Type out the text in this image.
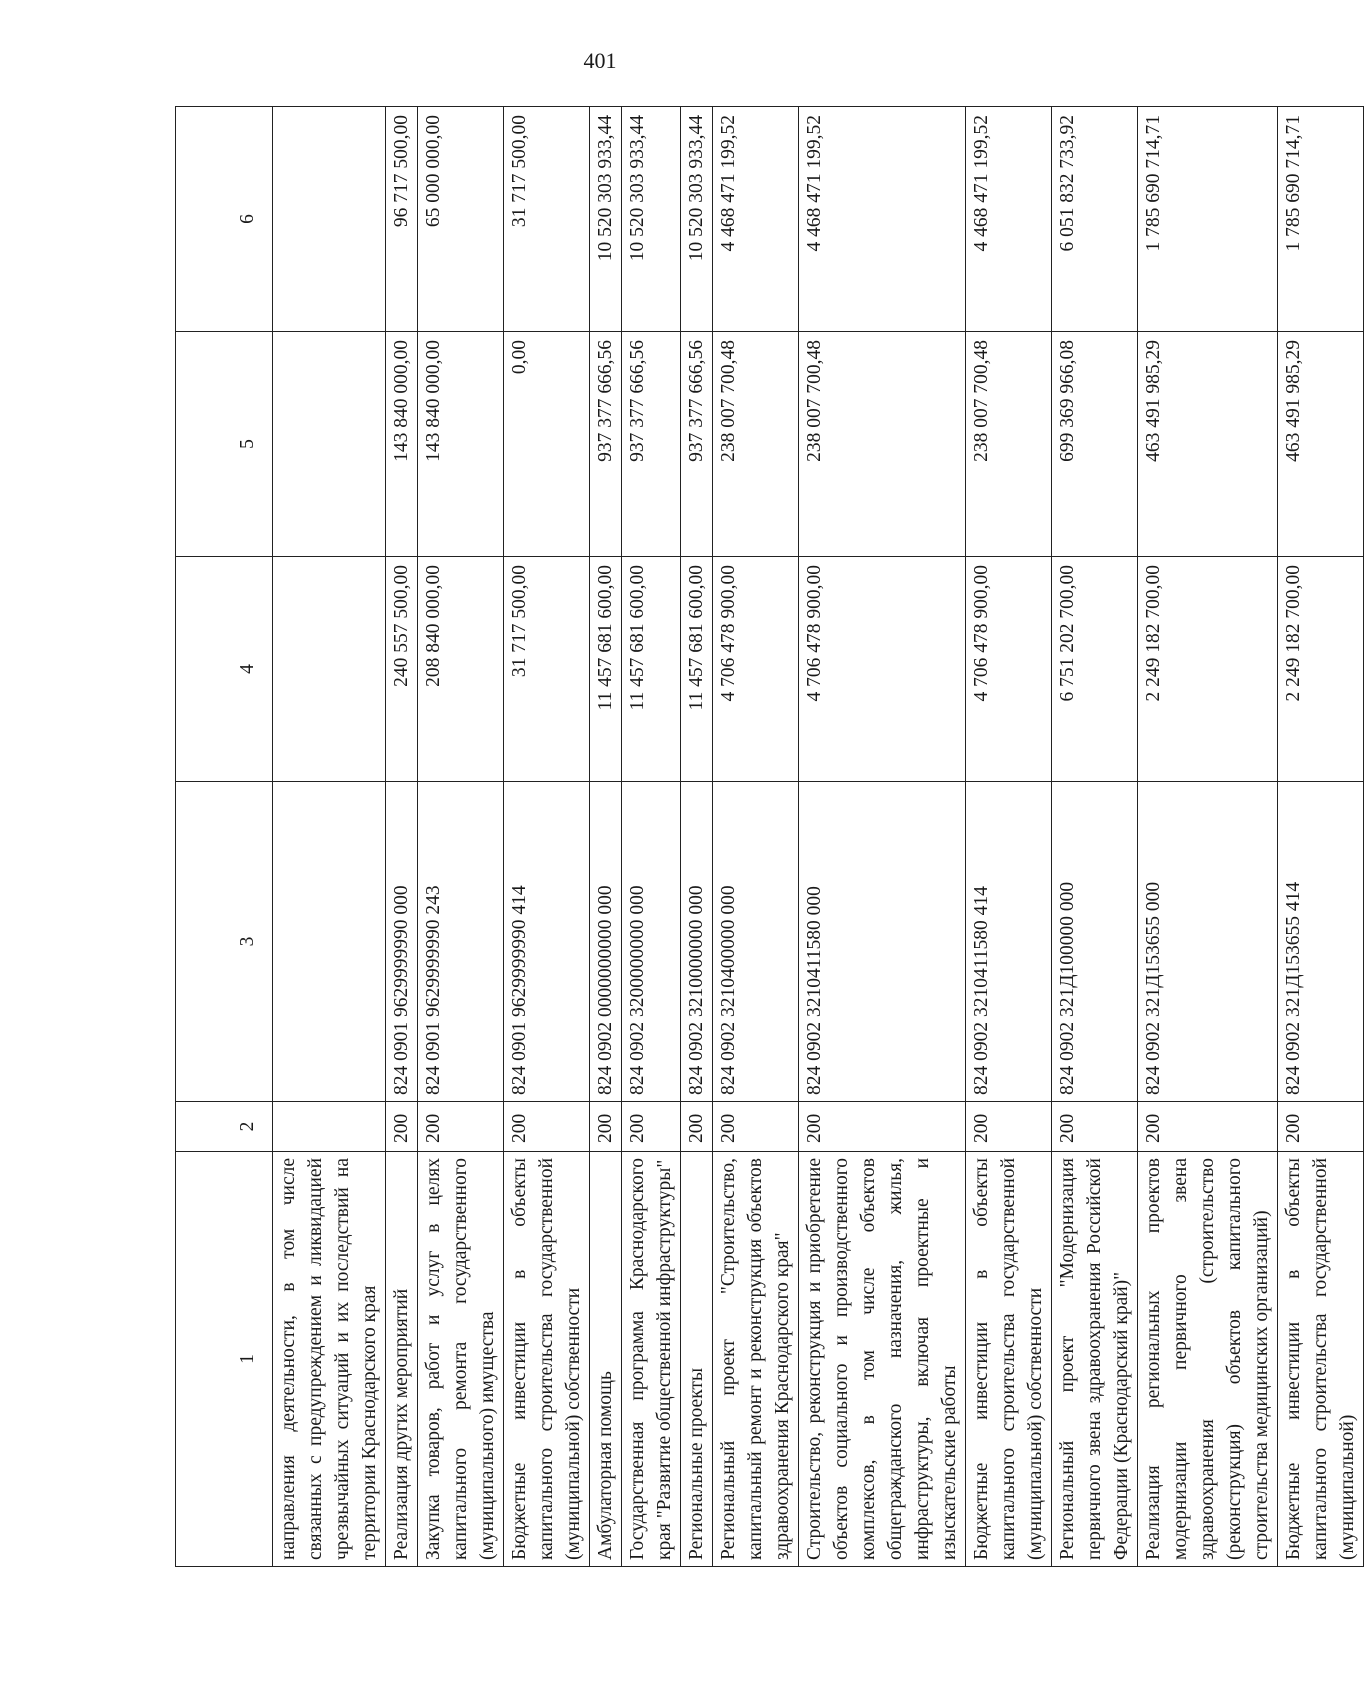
401
1	2	3	4	5	6

направления деятельности, в том числе связанных с предупреждением и ликвидацией чрезвычайных ситуаций и их последствий на территории Краснодарского края					
Реализация других мероприятий	200	824 0901 9629999990 000	240 557 500,00	143 840 000,00	96 717 500,00
Закупка товаров, работ и услуг в целях капитального ремонта государственного (муниципального) имущества	200	824 0901 9629999990 243	208 840 000,00	143 840 000,00	65 000 000,00
Бюджетные инвестиции в объекты капитального строительства государственной (муниципальной) собственности	200	824 0901 9629999990 414	31 717 500,00	0,00	31 717 500,00
Амбулаторная помощь	200	824 0902 0000000000 000	11 457 681 600,00	937 377 666,56	10 520 303 933,44
Государственная программа Краснодарского края "Развитие общественной инфраструктуры"	200	824 0902 3200000000 000	11 457 681 600,00	937 377 666,56	10 520 303 933,44
Региональные проекты	200	824 0902 3210000000 000	11 457 681 600,00	937 377 666,56	10 520 303 933,44
Региональный проект "Строительство, капитальный ремонт и реконструкция объектов здравоохранения Краснодарского края"	200	824 0902 3210400000 000	4 706 478 900,00	238 007 700,48	4 468 471 199,52
Строительство, реконструкция и приобретение объектов социального и производственного комплексов, в том числе объектов общегражданского назначения, жилья, инфраструктуры, включая проектные и изыскательские работы	200	824 0902 3210411580 000	4 706 478 900,00	238 007 700,48	4 468 471 199,52
Бюджетные инвестиции в объекты капитального строительства государственной (муниципальной) собственности	200	824 0902 3210411580 414	4 706 478 900,00	238 007 700,48	4 468 471 199,52
Региональный проект "Модернизация первичного звена здравоохранения Российской Федерации (Краснодарский край)"	200	824 0902 321Д100000 000	6 751 202 700,00	699 369 966,08	6 051 832 733,92
Реализация региональных проектов модернизации первичного звена здравоохранения (строительство (реконструкция) объектов капитального строительства медицинских организаций)	200	824 0902 321Д153655 000	2 249 182 700,00	463 491 985,29	1 785 690 714,71
Бюджетные инвестиции в объекты капитального строительства государственной (муниципальной)	200	824 0902 321Д153655 414	2 249 182 700,00	463 491 985,29	1 785 690 714,71
